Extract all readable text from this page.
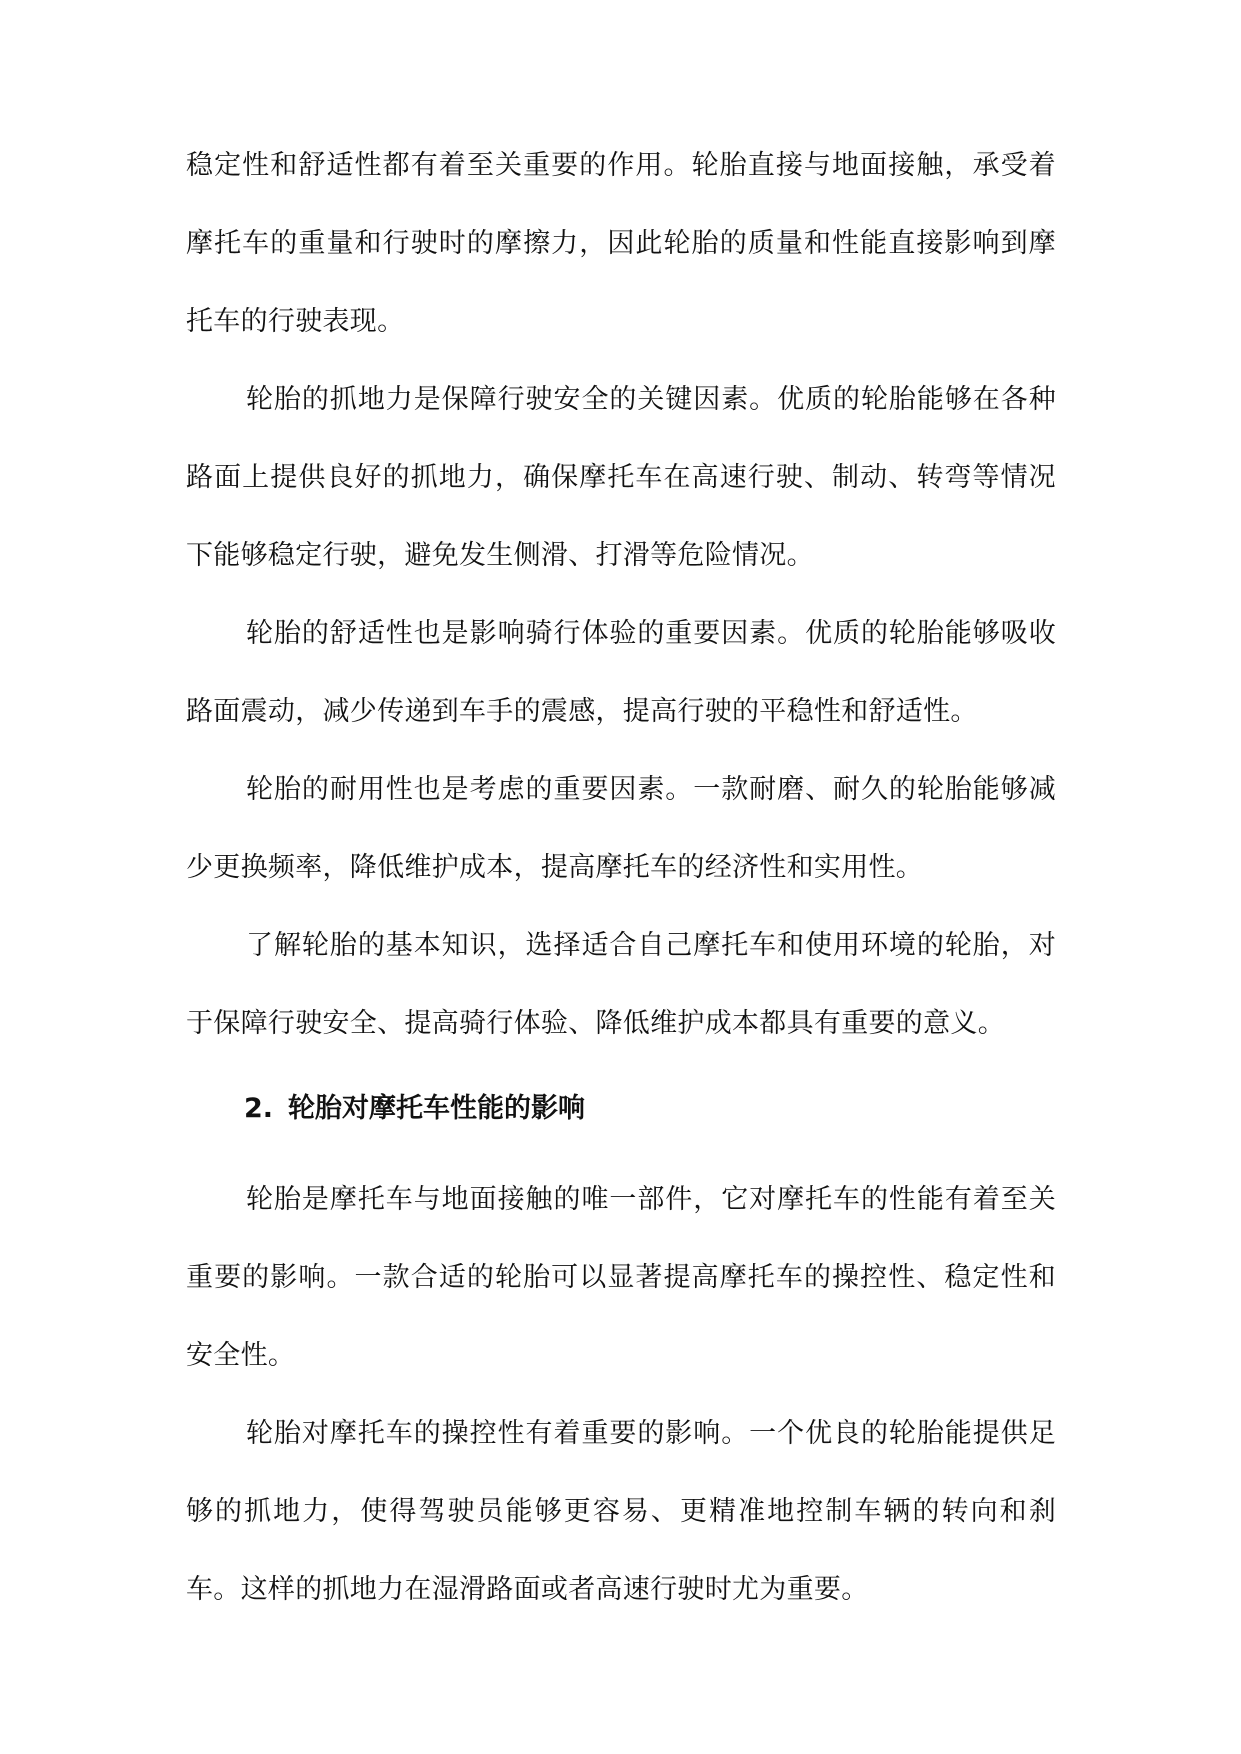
稳定性和舒适性都有着至关重要的作用。轮胎直接与地面接触，承受着摩托车的重量和行驶时的摩擦力，因此轮胎的质量和性能直接影响到摩托车的行驶表现。

轮胎的抓地力是保障行驶安全的关键因素。优质的轮胎能够在各种路面上提供良好的抓地力，确保摩托车在高速行驶、制动、转弯等情况下能够稳定行驶，避免发生侧滑、打滑等危险情况。

轮胎的舒适性也是影响骑行体验的重要因素。优质的轮胎能够吸收路面震动，减少传递到车手的震感，提高行驶的平稳性和舒适性。

轮胎的耐用性也是考虑的重要因素。一款耐磨、耐久的轮胎能够减少更换频率，降低维护成本，提高摩托车的经济性和实用性。

了解轮胎的基本知识，选择适合自己摩托车和使用环境的轮胎，对于保障行驶安全、提高骑行体验、降低维护成本都具有重要的意义。

2. 轮胎对摩托车性能的影响

轮胎是摩托车与地面接触的唯一部件，它对摩托车的性能有着至关重要的影响。一款合适的轮胎可以显著提高摩托车的操控性、稳定性和安全性。

轮胎对摩托车的操控性有着重要的影响。一个优良的轮胎能提供足够的抓地力，使得驾驶员能够更容易、更精准地控制车辆的转向和刹车。这样的抓地力在湿滑路面或者高速行驶时尤为重要。
